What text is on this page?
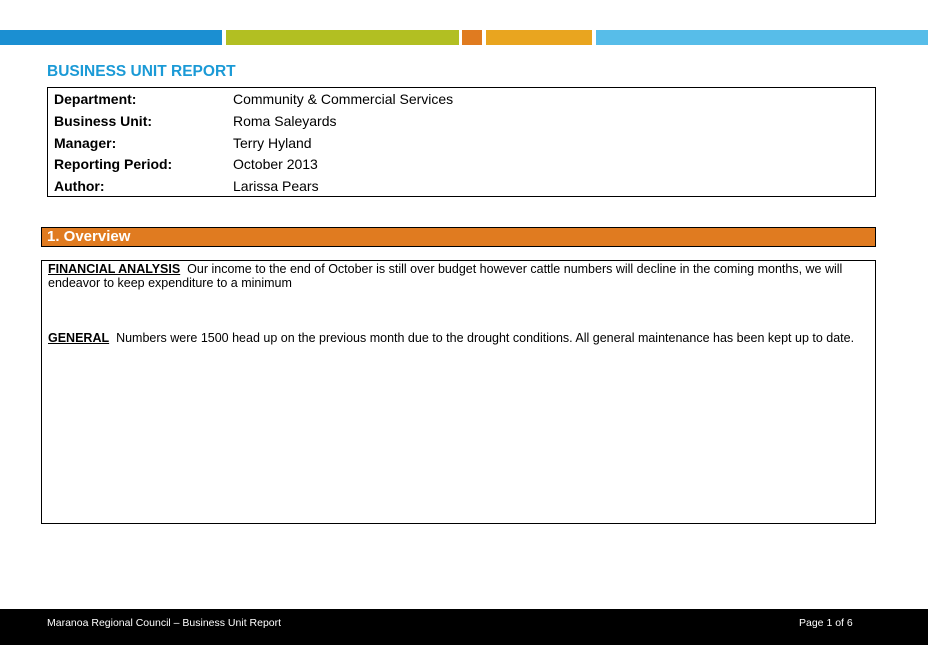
BUSINESS UNIT REPORT
Department:	Community & Commercial Services
Business Unit:	Roma Saleyards
Manager:	Terry Hyland
Reporting Period:	October 2013
Author:	Larissa Pears
1. Overview
FINANCIAL ANALYSIS Our income to the end of October is still over budget however cattle numbers will decline in the coming months, we will endeavor to keep expenditure to a minimum
GENERAL Numbers were 1500 head up on the previous month due to the drought conditions. All general maintenance has been kept up to date.
Maranoa Regional Council – Business Unit Report	Page 1 of 6
